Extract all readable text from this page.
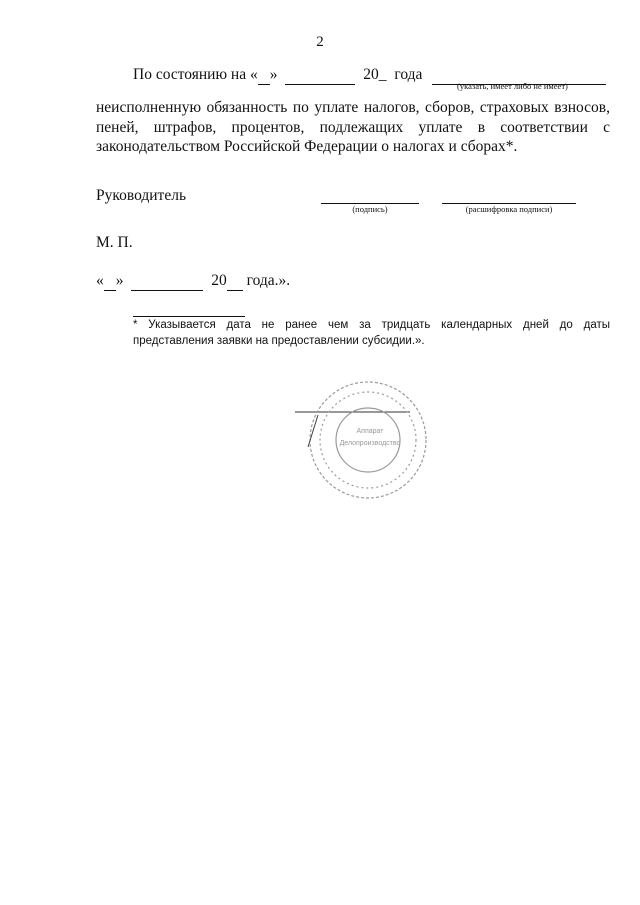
2
По состоянию на « »	20_ года
(указать, имеет либо не имеет)
неисполненную обязанность по уплате налогов, сборов, страховых взносов, пеней, штрафов, процентов, подлежащих уплате в соответствии с законодательством Российской Федерации о налогах и сборах*.
Руководитель
(подпись)	(расшифровка подписи)
М. П.
« »	20 года.».
* Указывается дата не ранее чем за тридцать календарных дней до даты представления заявки на предоставлении субсидии.».
Аппарат
Делопроизводство
